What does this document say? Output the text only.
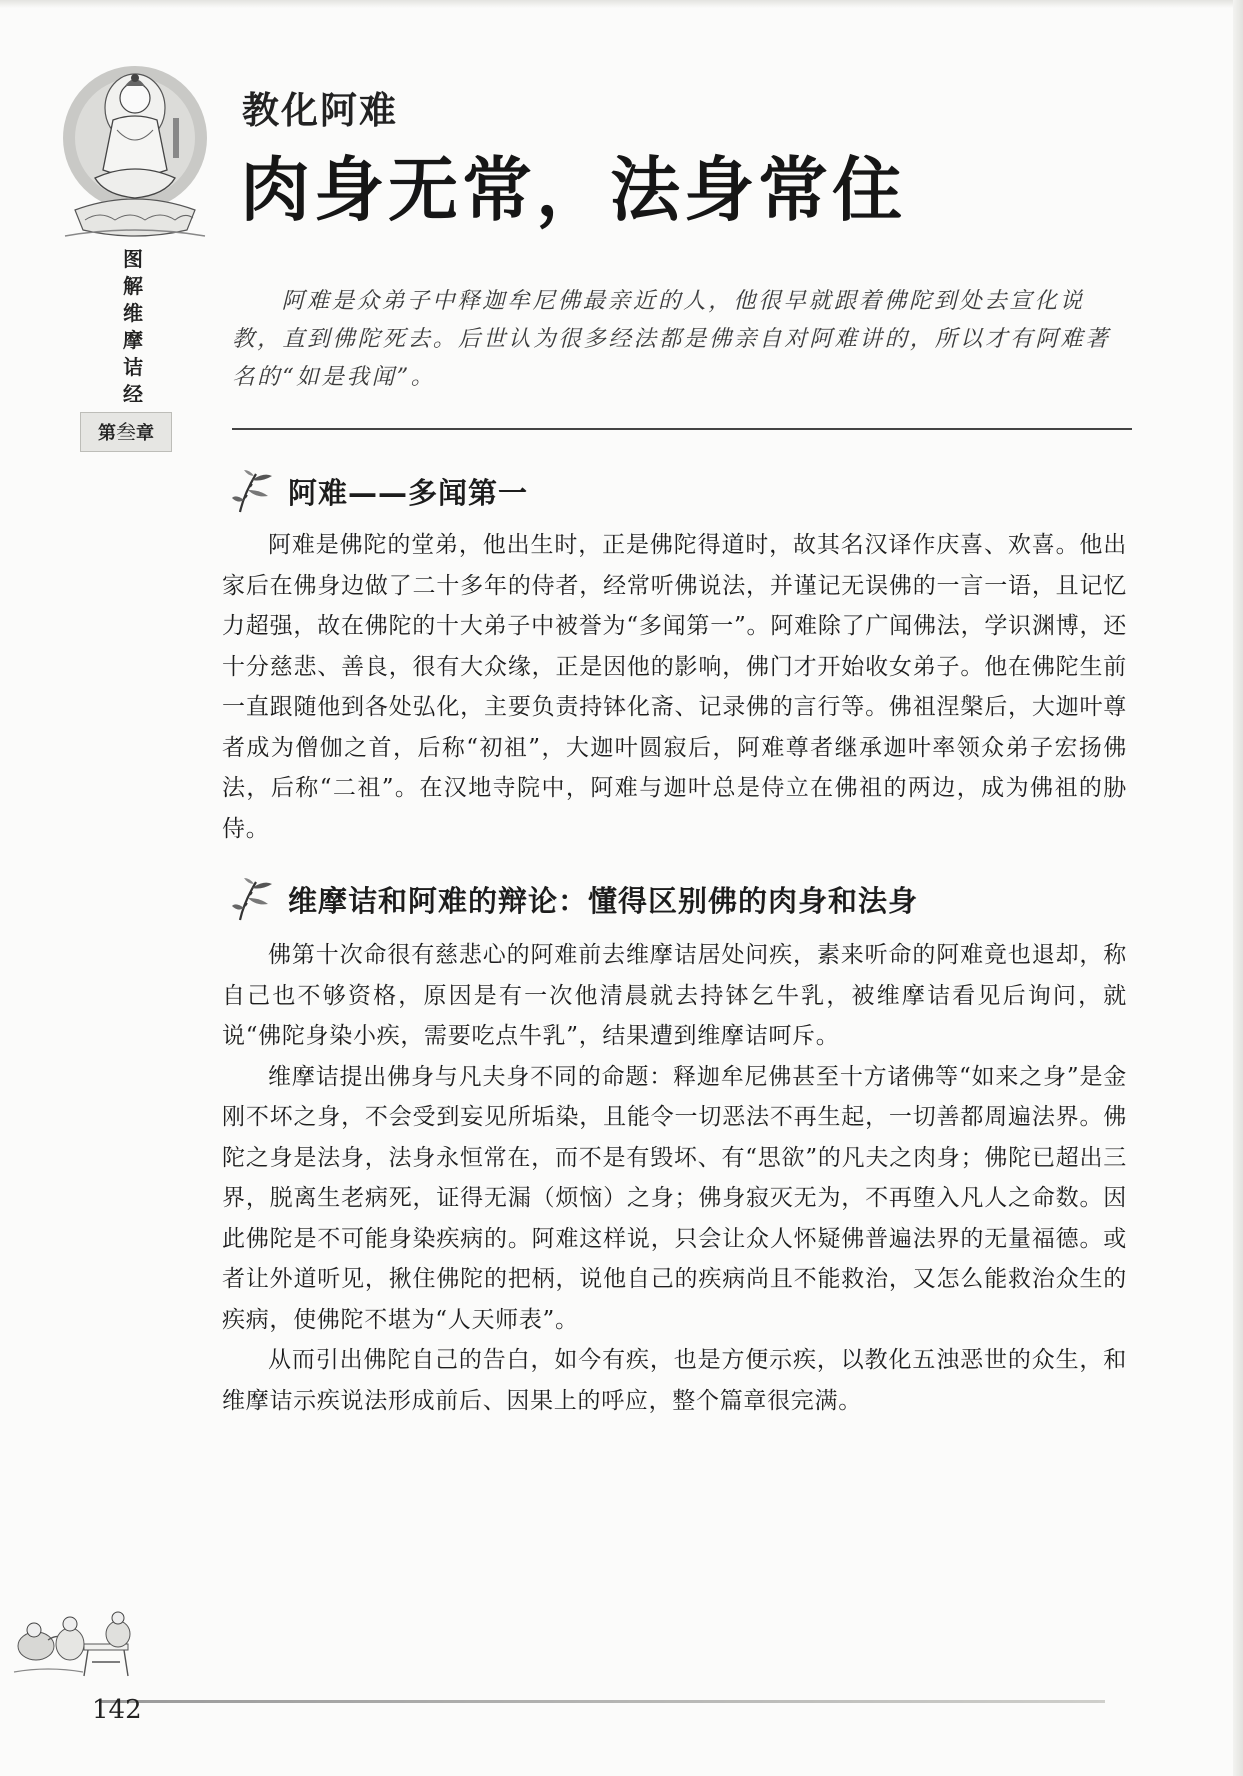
图
解
维
摩
诘
经
第叁章
教化阿难
肉身无常，法身常住

阿难是众弟子中释迦牟尼佛最亲近的人，他很早就跟着佛陀到处去宣化说教，直到佛陀死去。后世认为很多经法都是佛亲自对阿难讲的，所以才有阿难著名的“如是我闻”。

阿难——多闻第一

阿难是佛陀的堂弟，他出生时，正是佛陀得道时，故其名汉译作庆喜、欢喜。他出家后在佛身边做了二十多年的侍者，经常听佛说法，并谨记无误佛的一言一语，且记忆力超强，故在佛陀的十大弟子中被誉为“多闻第一”。阿难除了广闻佛法，学识渊博，还十分慈悲、善良，很有大众缘，正是因他的影响，佛门才开始收女弟子。他在佛陀生前一直跟随他到各处弘化，主要负责持钵化斋、记录佛的言行等。佛祖涅槃后，大迦叶尊者成为僧伽之首，后称“初祖”，大迦叶圆寂后，阿难尊者继承迦叶率领众弟子宏扬佛法，后称“二祖”。在汉地寺院中，阿难与迦叶总是侍立在佛祖的两边，成为佛祖的胁侍。

维摩诘和阿难的辩论：懂得区别佛的肉身和法身

佛第十次命很有慈悲心的阿难前去维摩诘居处问疾，素来听命的阿难竟也退却，称自己也不够资格，原因是有一次他清晨就去持钵乞牛乳，被维摩诘看见后询问，就说“佛陀身染小疾，需要吃点牛乳”，结果遭到维摩诘呵斥。

维摩诘提出佛身与凡夫身不同的命题：释迦牟尼佛甚至十方诸佛等“如来之身”是金刚不坏之身，不会受到妄见所垢染，且能令一切恶法不再生起，一切善都周遍法界。佛陀之身是法身，法身永恒常在，而不是有毁坏、有“思欲”的凡夫之肉身；佛陀已超出三界，脱离生老病死，证得无漏（烦恼）之身；佛身寂灭无为，不再堕入凡人之命数。因此佛陀是不可能身染疾病的。阿难这样说，只会让众人怀疑佛普遍法界的无量福德。或者让外道听见，揪住佛陀的把柄，说他自己的疾病尚且不能救治，又怎么能救治众生的疾病，使佛陀不堪为“人天师表”。

从而引出佛陀自己的告白，如今有疾，也是方便示疾，以教化五浊恶世的众生，和维摩诘示疾说法形成前后、因果上的呼应，整个篇章很完满。

142
